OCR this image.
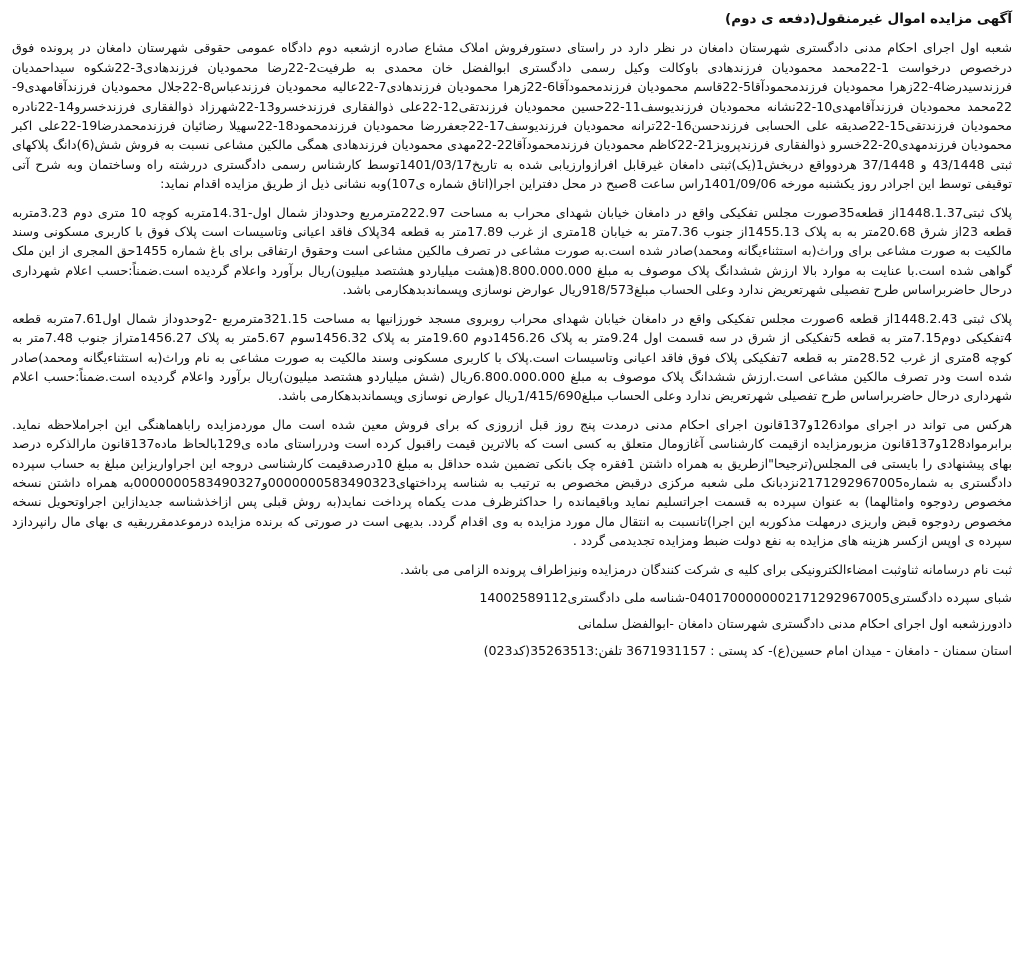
آگهی مزایده اموال غیرمنقول(دفعه ی دوم)
شعبه اول اجرای احکام مدنی دادگستری شهرستان دامغان در نظر دارد در راستای دستورفروش املاک مشاع صادره ازشعبه دوم دادگاه عمومی حقوقی شهرستان دامغان در پرونده فوق درخصوص درخواست 1-22محمد محمودیان فرزندهادی باوکالت وکیل رسمی دادگستری ابوالفضل خان محمدی به طرفیت2-22رضا محمودیان فرزندهادی3-22شکوه سیداحمدیان فرزندسیدرضا4-22زهرا محمودیان فرزندمحمودآقا5-22قاسم محمودیان فرزندمحمودآقا6-22زهرا محمودیان فرزندهادی7-22عالیه محمودیان فرزندعباس8-22جلال محمودیان فرزندآقامهدی9-22محمد محمودیان فرزندآقامهدی10-22نشانه محمودیان فرزندیوسف11-22حسین محمودیان فرزندتقی12-22علی ذوالفقاری فرزندخسرو13-22شهرزاد ذوالفقاری فرزندخسرو14-22نادره محمودیان فرزندتقی15-22صدیقه علی الحسابی فرزندحسن16-22ترانه محمودیان فرزندیوسف17-22جعفررضا محمودیان فرزندمحمود18-22سهیلا رضائیان فرزندمحمدرضا19-22علی اکبر محمودیان فرزندمهدی20-22خسرو ذوالفقاری فرزندپرویز21-22کاظم محمودیان فرزندمحمودآقا22-22مهدی محمودیان فرزندهادی همگی مالکین مشاعی نسبت به فروش شش(6)دانگ پلاکهای ثبتی 43/1448 و 37/1448 هردوواقع دربخش1(یک)ثبتی دامغان غیرقابل افرازوارزیابی شده به تاریخ1401/03/17توسط کارشناس رسمی دادگستری دررشته راه وساختمان وبه شرح آتی توقیفی توسط این اجرادر روز یکشنبه مورخه 1401/09/06راس ساعت 8صبح در محل دفتراین اجرا(اتاق شماره ی107)وبه نشانی ذیل از طریق مزایده اقدام نماید:
پلاک ثبتی1448.1.37از قطعه35صورت مجلس تفکیکی واقع در دامغان خیابان شهدای محراب به مساحت 222.97مترمربع وحدوداز شمال اول-14.31متربه کوچه 10 متری دوم 3.23متربه قطعه 23از شرق 20.68متر به به پلاک 1455.13از جنوب 7.36متر به خیابان 18متری از غرب 17.89متر به قطعه 34پلاک فاقد اعیانی وتاسیسات است پلاک فوق با کاربری مسکونی وسند مالکیت به صورت مشاعی برای وراث(به استثناءیگانه ومحمد)صادر شده است.به صورت مشاعی در تصرف مالکین مشاعی است وحقوق ارتفاقی برای باغ شماره 1455حق المجری از این ملک گواهی شده است.با عنایت به موارد بالا ارزش ششدانگ پلاک موصوف به مبلغ 8.800.000.000(هشت میلیاردو هشتصد میلیون)ریال برآورد واعلام گردیده است.ضمناً:حسب اعلام شهرداری درحال حاضربراساس طرح تفصیلی شهرتعریض ندارد وعلی الحساب مبلغ918/573ریال عوارض نوسازی وپسماندبدهکارمی باشد.
پلاک ثبتی 1448.2.43از قطعه 6صورت مجلس تفکیکی واقع در دامغان خیابان شهدای محراب روبروی مسجد خورزانیها به مساحت 321.15مترمربع -2وحدوداز شمال اول7.61متربه قطعه 4تفکیکی دوم7.15متر به قطعه 5تفکیکی از شرق در سه قسمت اول 9.24متر به پلاک 1456.26دوم 19.60متر به پلاک 1456.32سوم 5.67متر به پلاک 1456.27متراز جنوب 7.48متر به کوچه 8متری از غرب 28.52متر به قطعه 7تفکیکی پلاک فوق فاقد اعیانی وتاسیسات است.پلاک با کاربری مسکونی وسند مالکیت به صورت مشاعی به نام وراث(به استثناءیگانه ومحمد)صادر شده است ودر تصرف مالکین مشاعی است.ارزش ششدانگ پلاک موصوف به مبلغ 6.800.000.000ریال (شش میلیاردو هشتصد میلیون)ریال برآورد واعلام گردیده است.ضمناً:حسب اعلام شهرداری درحال حاضربراساس طرح تفصیلی شهرتعریض ندارد وعلی الحساب مبلغ1/415/690ریال عوارض نوسازی وپسماندبدهکارمی باشد.
هرکس می تواند در اجرای مواد126و137قانون اجرای احکام مدنی درمدت پنج روز قبل ازروزی که برای فروش معین شده است مال موردمزایده راباهماهنگی این اجراملاحظه نماید. برابرمواد128و137قانون مزبورمزایده ازقیمت کارشناسی آغازومال متعلق به کسی است که بالاترین قیمت راقبول کرده است ودرراستای ماده ی129بالحاظ ماده137قانون مارالذکره درصد بهای پیشنهادی را بایستی فی المجلس(ترجیحا"ازطریق به همراه داشتن 1فقره چک بانکی تضمین شده حداقل به مبلغ 10درصدقیمت کارشناسی دروجه این اجراواریزاین مبلغ به حساب سپرده دادگستری به شماره2171292967005نزدبانک ملی شعبه مرکزی درقبض مخصوص به ترتیب به شناسه پرداختهای0000000583490323و0000000583490327به همراه داشتن نسخه مخصوص ردوجوه وامثالهما) به عنوان سپرده به قسمت اجراتسلیم نماید وباقیمانده را حداکثرظرف مدت یکماه پرداخت نماید(به روش قبلی پس ازاخذشناسه جدیدازاین اجراوتحویل نسخه مخصوص ردوجوه قبض واریزی درمهلت مذکوربه این اجرا)تانسبت به انتقال مال مورد مزایده به وی اقدام گردد. بدیهی است در صورتی که برنده مزایده درموعدمقرربقیه ی بهای مال رانپردازد سپرده ی اوپس ازکسر هزینه های مزایده به نفع دولت ضبط ومزایده تجدیدمی گردد .
ثبت نام درسامانه ثناوثبت امضاءالکترونیکی برای کلیه ی شرکت کنندگان درمزایده ونیزاطراف پرونده الزامی می باشد.
شبای سپرده دادگستری0401700000002171292967005-شناسه ملی دادگستری14002589112
دادورزشعبه اول اجرای احکام مدنی دادگستری شهرستان دامغان -ابوالفضل سلمانی
استان سمنان - دامغان - میدان امام حسین(ع)- کد پستی : 3671931157 تلفن:35263513(کد023)
